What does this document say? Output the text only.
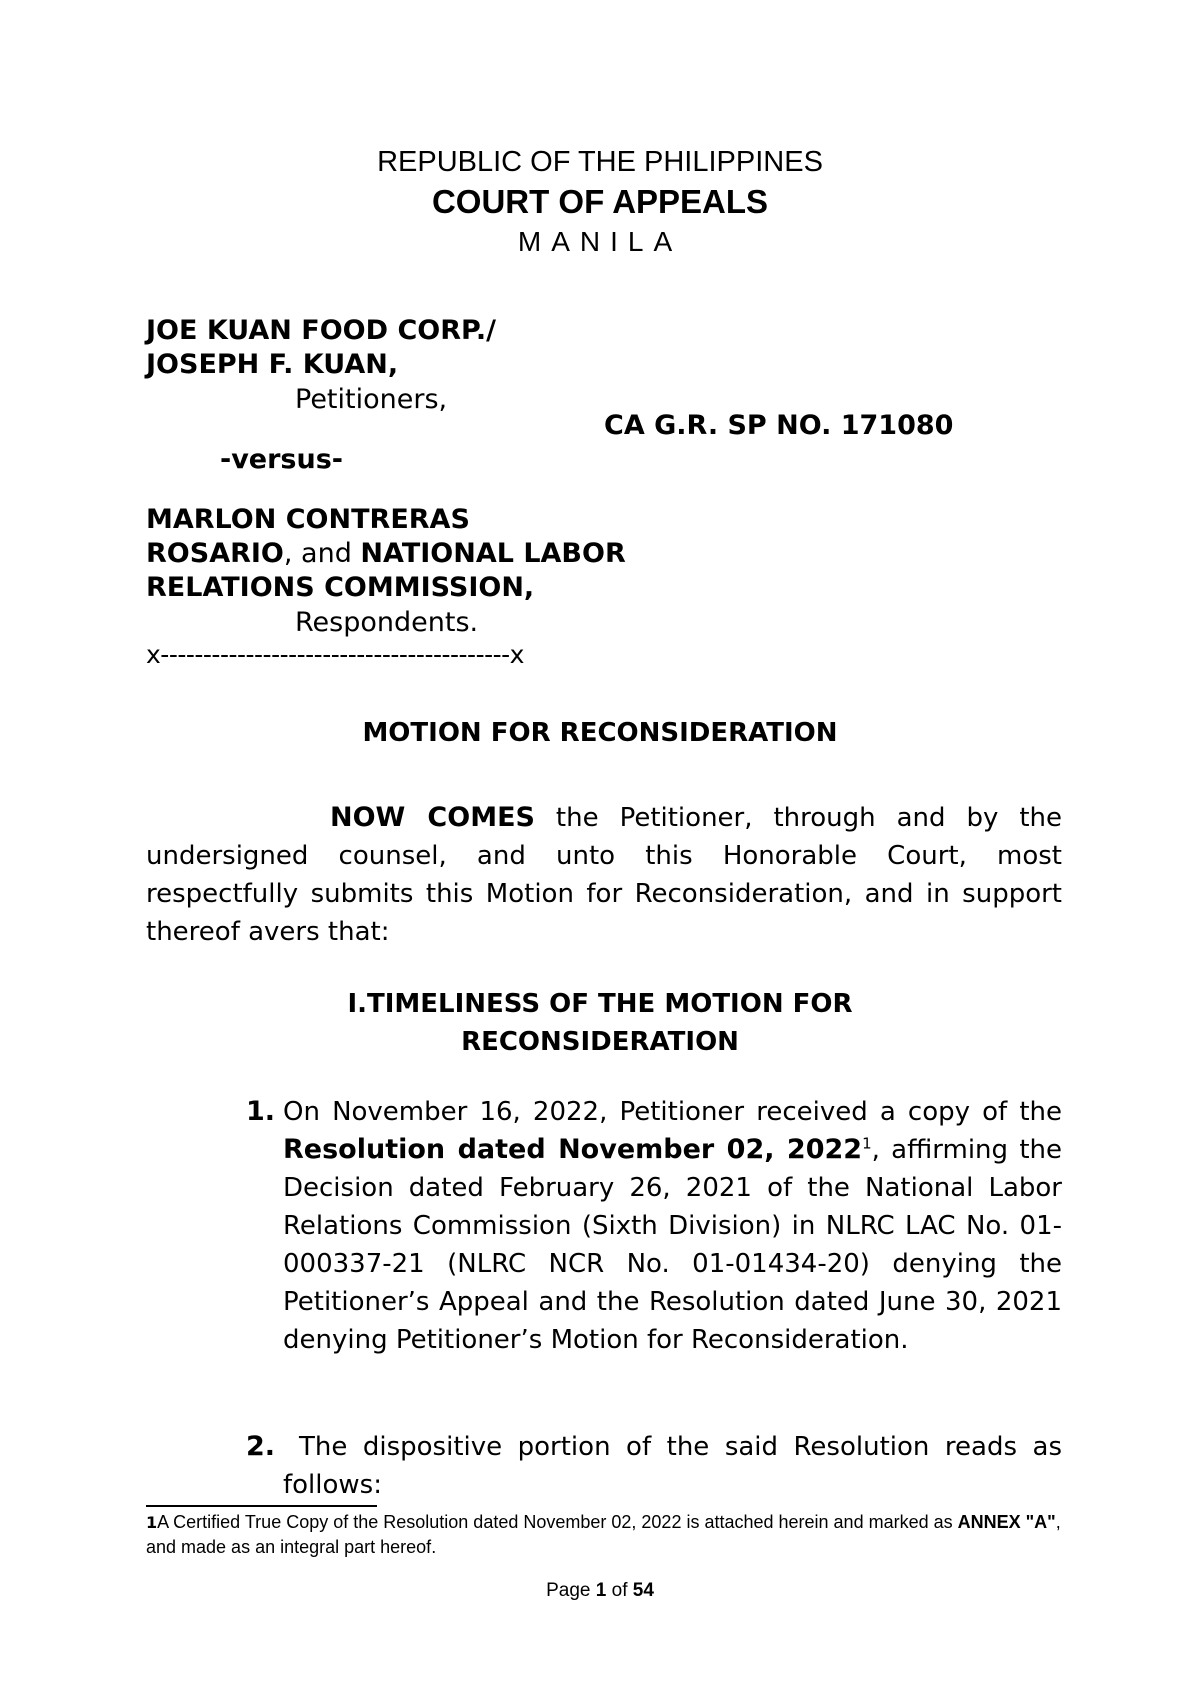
REPUBLIC OF THE PHILIPPINES
COURT OF APPEALS
MANILA
JOE KUAN FOOD CORP./
JOSEPH F. KUAN,
Petitioners,
CA G.R. SP NO. 171080
-versus-
MARLON CONTRERAS
ROSARIO, and NATIONAL LABOR
RELATIONS COMMISSION,
Respondents.
x-----------------------------------------x
MOTION FOR RECONSIDERATION
NOW COMES the Petitioner, through and by the undersigned counsel, and unto this Honorable Court, most respectfully submits this Motion for Reconsideration, and in support thereof avers that:
I.TIMELINESS OF THE MOTION FOR
RECONSIDERATION
1. On November 16, 2022, Petitioner received a copy of the Resolution dated November 02, 2022$^1$, affirming the Decision dated February 26, 2021 of the National Labor Relations Commission (Sixth Division) in NLRC LAC No. 01-000337-21 (NLRC NCR No. 01-01434-20) denying the Petitioner’s Appeal and the Resolution dated June 30, 2021 denying Petitioner’s Motion for Reconsideration.
2. The dispositive portion of the said Resolution reads as follows:
1A Certified True Copy of the Resolution dated November 02, 2022 is attached herein and marked as ANNEX "A", and made as an integral part hereof.
Page 1 of 54
